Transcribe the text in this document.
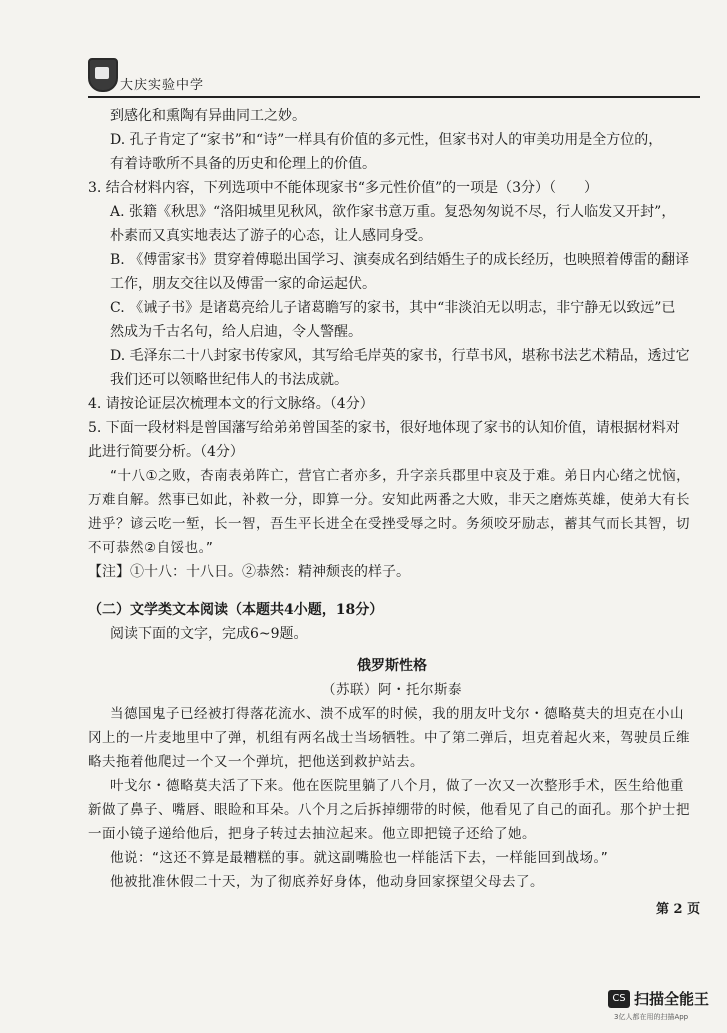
大庆实验中学
到感化和熏陶有异曲同工之妙。
D. 孔子肯定了“家书”和“诗”一样具有价值的多元性，但家书对人的审美功用是全方位的，
有着诗歌所不具备的历史和伦理上的价值。
3. 结合材料内容，下列选项中不能体现家书“多元性价值”的一项是（3分）（　　）
A. 张籍《秋思》“洛阳城里见秋风，欲作家书意万重。复恐匆匆说不尽，行人临发又开封”，
朴素而又真实地表达了游子的心态，让人感同身受。
B. 《傅雷家书》贯穿着傅聪出国学习、演奏成名到结婚生子的成长经历，也映照着傅雷的翻译
工作，朋友交往以及傅雷一家的命运起伏。
C. 《诫子书》是诸葛亮给儿子诸葛瞻写的家书，其中“非淡泊无以明志，非宁静无以致远”已
然成为千古名句，给人启迪，令人警醒。
D. 毛泽东二十八封家书传家风，其写给毛岸英的家书，行草书风，堪称书法艺术精品，透过它
我们还可以领略世纪伟人的书法成就。
4. 请按论证层次梳理本文的行文脉络。（4分）
5. 下面一段材料是曾国藩写给弟弟曾国荃的家书，很好地体现了家书的认知价值，请根据材料对
此进行简要分析。（4分）
“十八①之败，杏南表弟阵亡，营官亡者亦多，升字亲兵郡里中哀及于难。弟日内心绪之忧恼，
万难自解。然事已如此，补救一分，即算一分。安知此两番之大败，非天之磨炼英雄，使弟大有长
进乎？谚云吃一堑，长一智，吾生平长进全在受挫受辱之时。务须咬牙励志，蓄其气而长其智，切
不可恭然②自馁也。”
【注】①十八：十八日。②恭然：精神颓丧的样子。
（二）文学类文本阅读（本题共4小题，18分）
阅读下面的文字，完成6~9题。
俄罗斯性格
（苏联）阿・托尔斯泰
当德国鬼子已经被打得落花流水、溃不成军的时候，我的朋友叶戈尔・德略莫夫的坦克在小山
冈上的一片麦地里中了弹，机组有两名战士当场牺牲。中了第二弹后，坦克着起火来，驾驶员丘维
略夫拖着他爬过一个又一个弹坑，把他送到救护站去。
叶戈尔・德略莫夫活了下来。他在医院里躺了八个月，做了一次又一次整形手术，医生给他重
新做了鼻子、嘴唇、眼睑和耳朵。八个月之后拆掉绷带的时候，他看见了自己的面孔。那个护士把
一面小镜子递给他后，把身子转过去抽泣起来。他立即把镜子还给了她。
他说：“这还不算是最糟糕的事。就这副嘴脸也一样能活下去，一样能回到战场。”
他被批准休假二十天，为了彻底养好身体，他动身回家探望父母去了。
第 2 页
CS 扫描全能王
3亿人都在用的扫描App
